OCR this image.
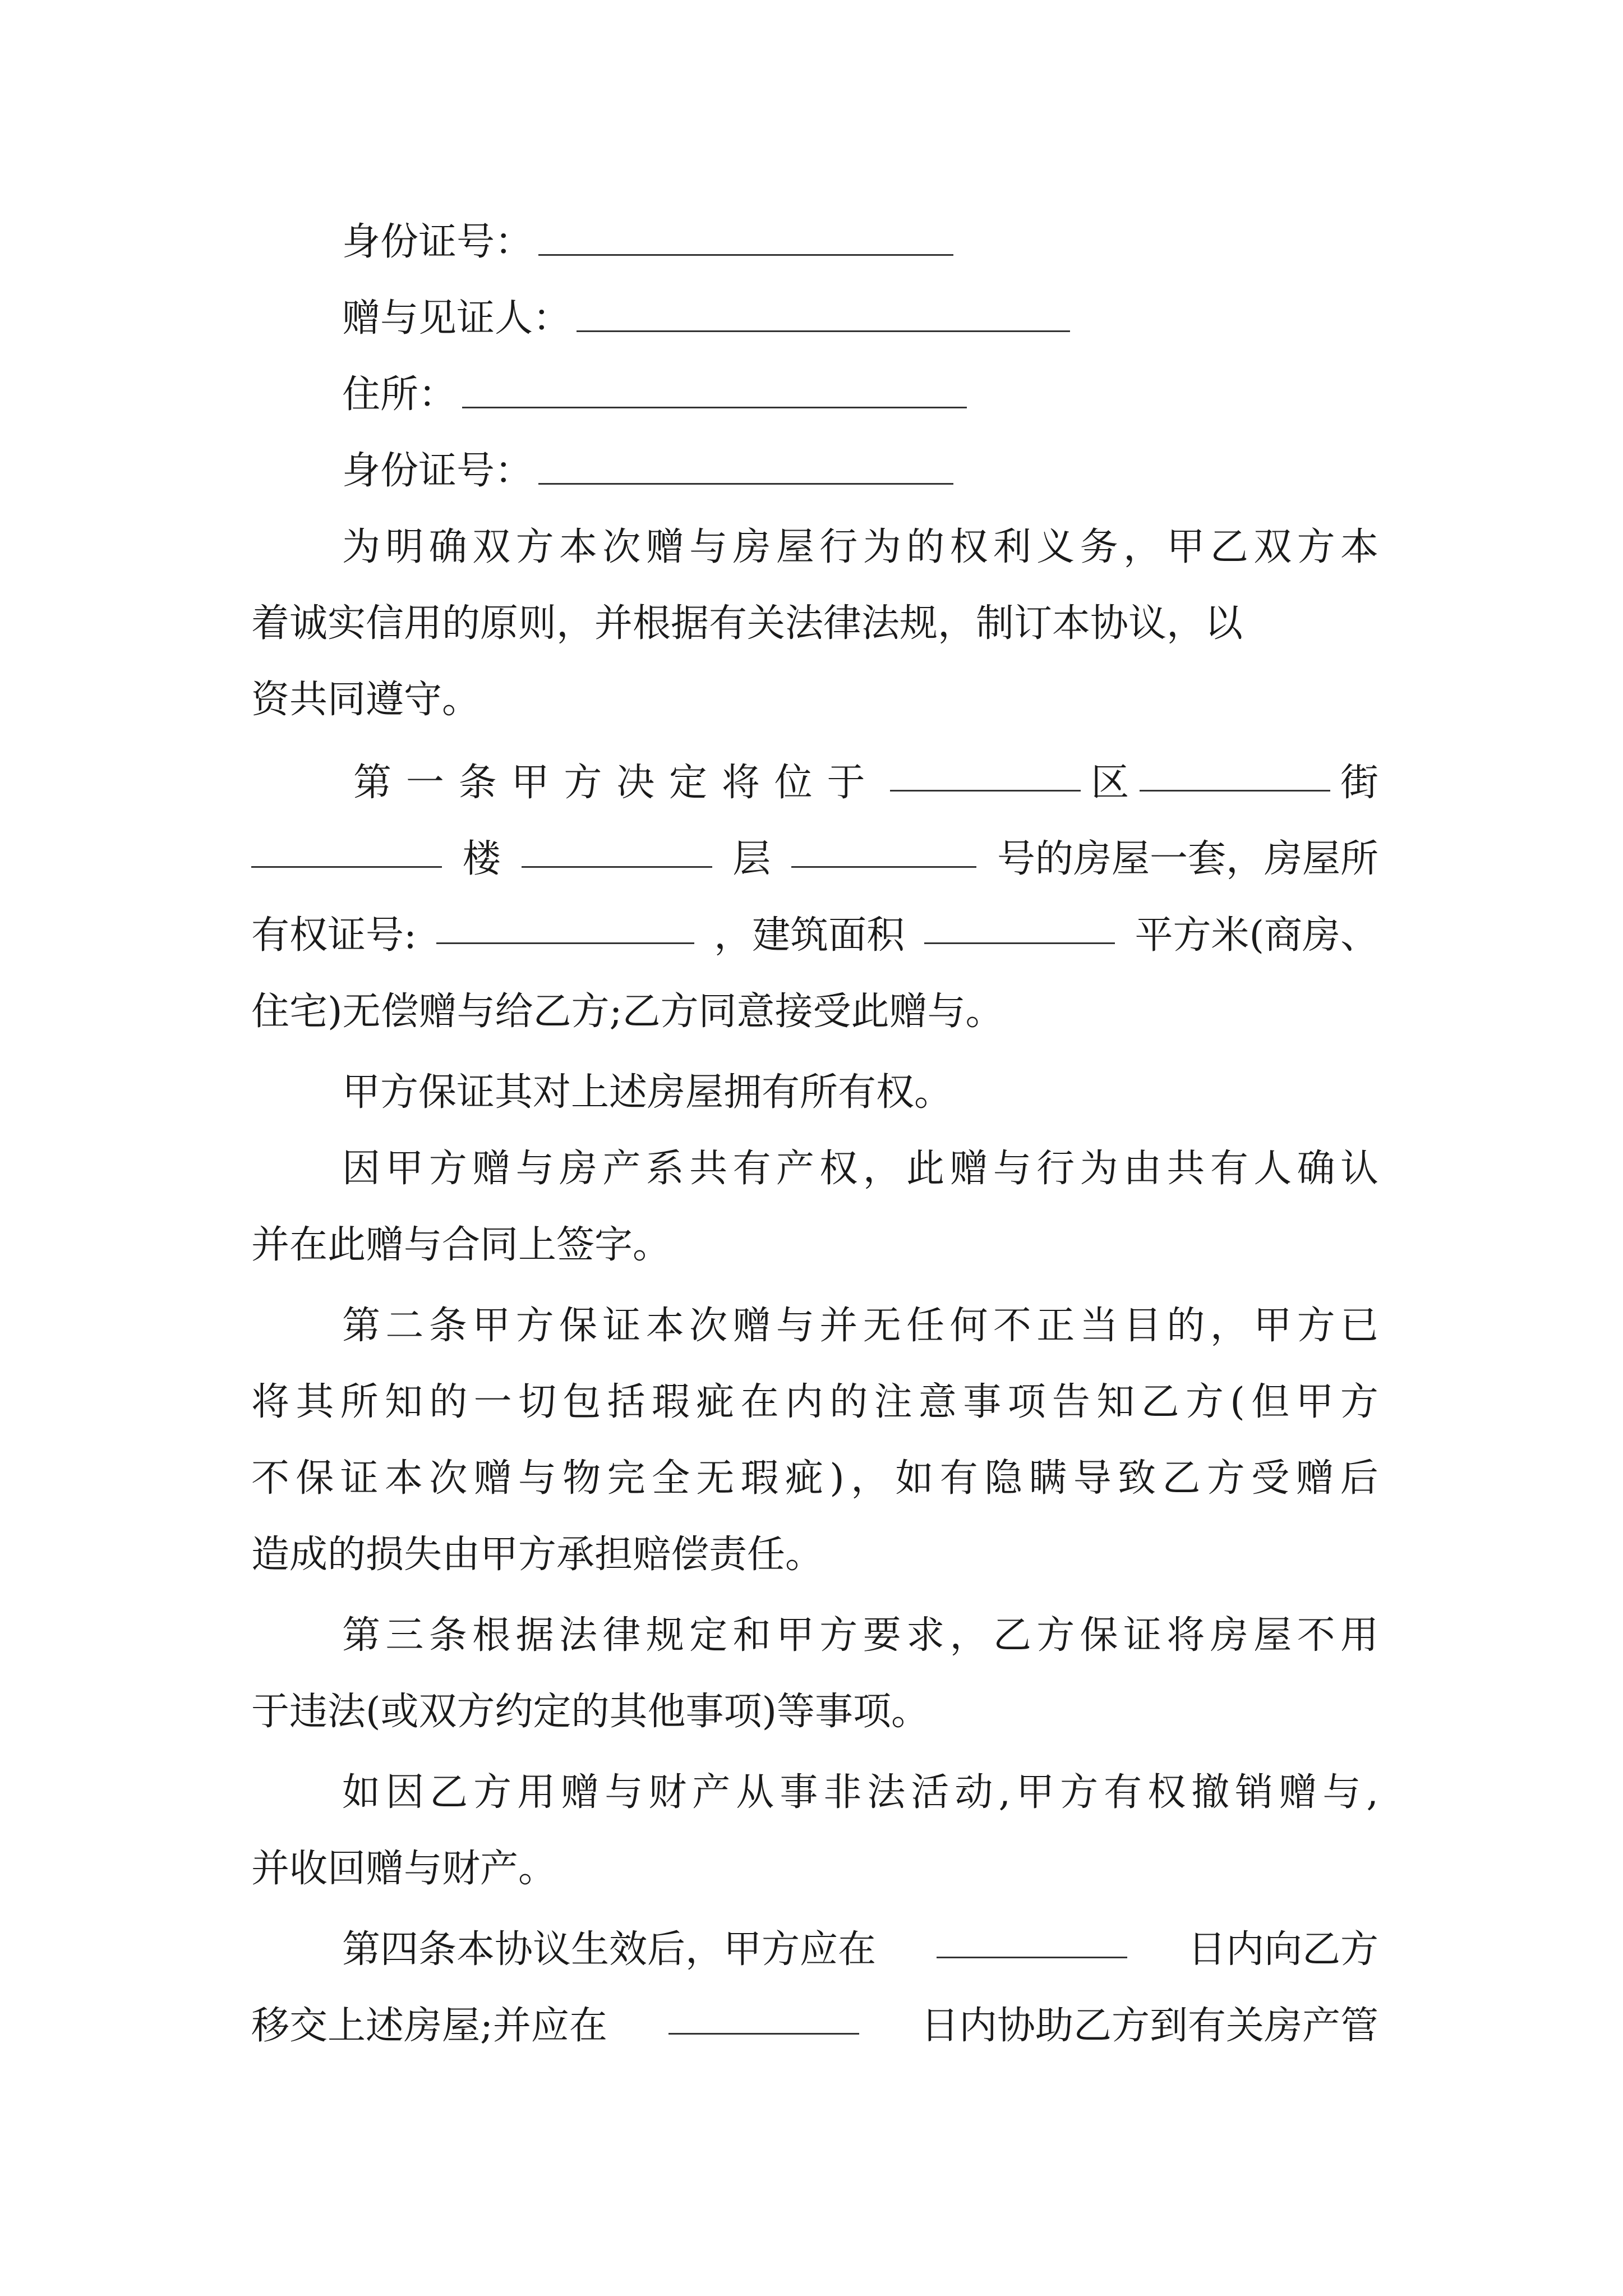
身份证号：
赠与见证人：
住所：
身份证号：
为 明 确 双 方 本 次 赠 与 房 屋 行 为 的 权 利 义 务 ， 甲 乙 双 方 本
着诚实信用的原则，并根据有关法律法规，制订本协议，以
资共同遵守。
第一条甲方决定将位于	区	街
楼	层	号的房屋一套，房屋所
有权证号:	，建筑面积	平方米(商房、
住宅)无偿赠与给乙方;乙方同意接受此赠与。
甲方保证其对上述房屋拥有所有权。
因 甲 方 赠 与 房 产 系 共 有 产 权 ， 此 赠 与 行 为 由 共 有 人 确 认
并在此赠与合同上签字。
第 二 条 甲 方 保 证 本 次 赠 与 并 无 任 何 不 正 当 目 的 ， 甲 方 已
将 其 所 知 的 一 切 包 括 瑕 疵 在 内 的 注 意 事 项 告 知 乙 方 ( 但 甲 方
不 保 证 本 次 赠 与 物 完 全 无 瑕 疵 ) ， 如 有 隐 瞒 导 致 乙 方 受 赠 后
造成的损失由甲方承担赔偿责任。
第 三 条 根 据 法 律 规 定 和 甲 方 要 求 ， 乙 方 保 证 将 房 屋 不 用
于违法(或双方约定的其他事项)等事项。
如 因 乙 方 用 赠 与 财 产 从 事 非 法 活 动 , 甲 方 有 权 撤 销 赠 与 ,
并收回赠与财产。
第四条本协议生效后，甲方应在	日内向乙方
移交上述房屋;并应在	日内协助乙方到有关房产管
